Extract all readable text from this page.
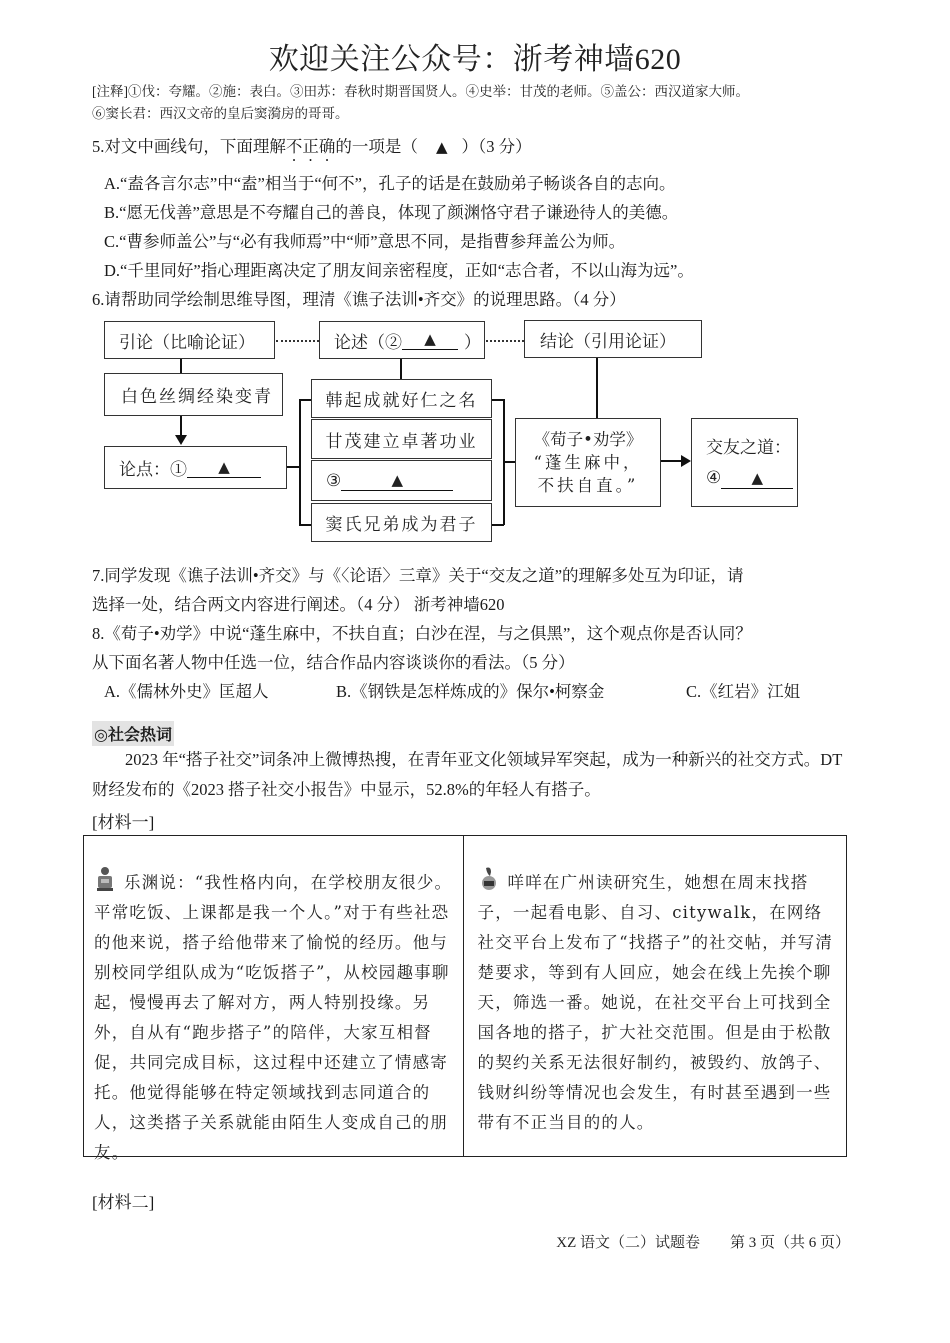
欢迎关注公众号：浙考神墙620
[注释]①伐：夸耀。②施：表白。③田苏：春秋时期晋国贤人。④史举：甘茂的老师。⑤盖公：西汉道家大师。
⑥窦长君：西汉文帝的皇后窦漪房的哥哥。
5.对文中画线句，下面理解不正确的一项是（ ▲ ）（3 分）
A.“盍各言尔志”中“盍”相当于“何不”，孔子的话是在鼓励弟子畅谈各自的志向。
B.“愿无伐善”意思是不夸耀自己的善良，体现了颜渊恪守君子谦逊待人的美德。
C.“曹参师盖公”与“必有我师焉”中“师”意思不同，是指曹参拜盖公为师。
D.“千里同好”指心理距离决定了朋友间亲密程度，正如“志合者，不以山海为远”。
6.请帮助同学绘制思维导图，理清《谯子法训•齐交》的说理思路。（4 分）
引论（比喻论证）	论述（②	▲	）	结论（引用论证）
白色丝绸经染变青
论点：①	▲
韩起成就好仁之名
甘茂建立卓著功业
③	▲
窦氏兄弟成为君子
《荀子•劝学》
“蓬生麻中，
不扶自直。”
交友之道：
④ ▲
7.同学发现《谯子法训•齐交》与《〈论语〉三章》关于“交友之道”的理解多处互为印证，请
选择一处，结合两文内容进行阐述。（4 分） 浙考神墙620
8.《荀子•劝学》中说“蓬生麻中，不扶自直；白沙在涅，与之俱黑”，这个观点你是否认同？
从下面名著人物中任选一位，结合作品内容谈谈你的看法。（5 分）
A.《儒林外史》匡超人	B.《钢铁是怎样炼成的》保尔•柯察金	C.《红岩》江姐
◎社会热词
2023 年“搭子社交”词条冲上微博热搜，在青年亚文化领域异军突起，成为一种新兴的社交方式。DT 财经发布的《2023 搭子社交小报告》中显示，52.8%的年轻人有搭子。
[材料一]
乐渊说：“我性格内向，在学校朋友很少。平常吃饭、上课都是我一个人。”对于有些社恐的他来说，搭子给他带来了愉悦的经历。他与别校同学组队成为“吃饭搭子”，从校园趣事聊起，慢慢再去了解对方，两人特别投缘。另外，自从有“跑步搭子”的陪伴，大家互相督促，共同完成目标，这过程中还建立了情感寄托。他觉得能够在特定领域找到志同道合的人，这类搭子关系就能由陌生人变成自己的朋友。
咩咩在广州读研究生，她想在周末找搭子，一起看电影、自习、citywalk，在网络社交平台上发布了“找搭子”的社交帖，并写清楚要求，等到有人回应，她会在线上先挨个聊天，筛选一番。她说，在社交平台上可找到全国各地的搭子，扩大社交范围。但是由于松散的契约关系无法很好制约，被毁约、放鸽子、钱财纠纷等情况也会发生，有时甚至遇到一些带有不正当目的的人。
[材料二]
XZ 语文（二）试题卷　　第 3 页（共 6 页）
